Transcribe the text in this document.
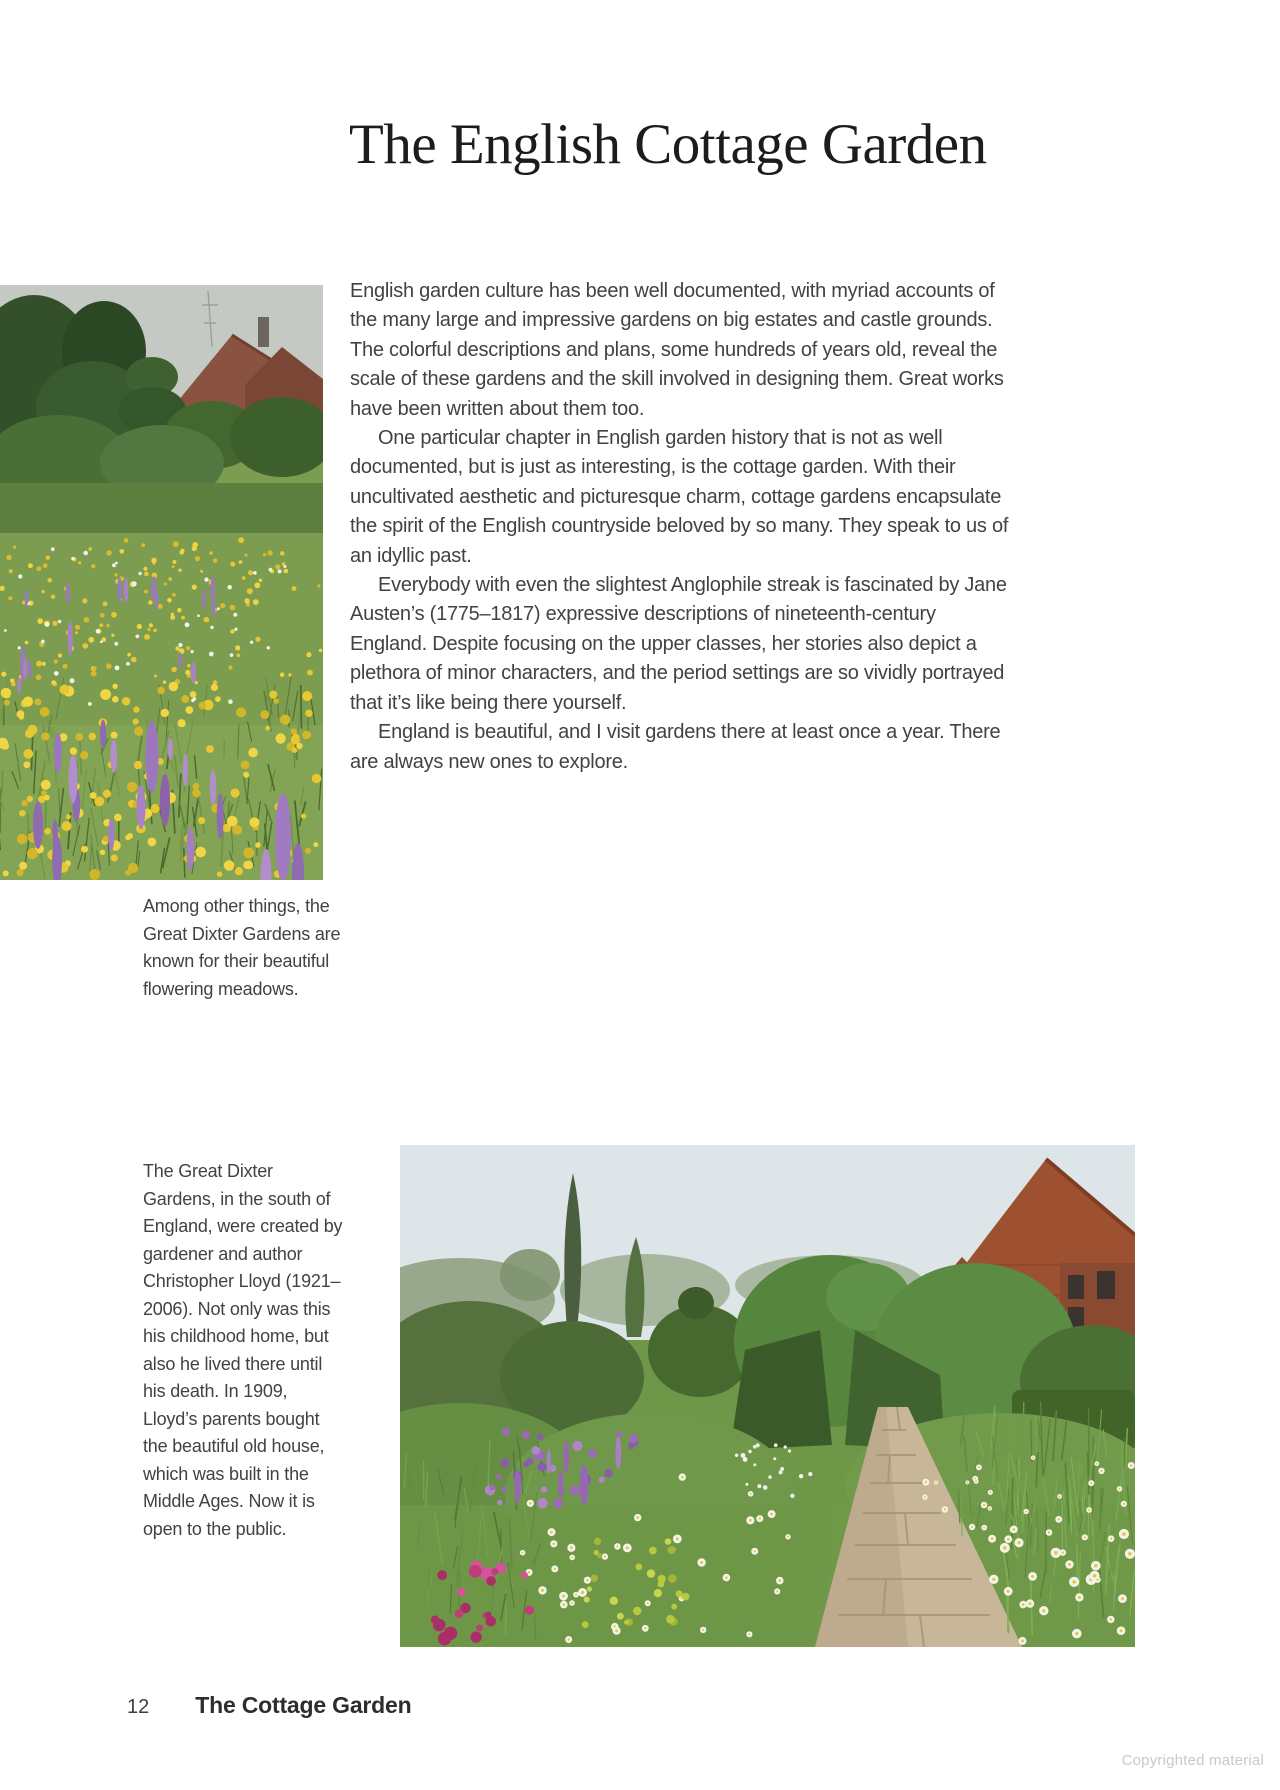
The English Cottage Garden

Among other things, the Great Dixter Gardens are known for their beautiful flowering meadows.

English garden culture has been well documented, with myriad accounts of the many large and impressive gardens on big estates and castle grounds. The colorful descriptions and plans, some hundreds of years old, reveal the scale of these gardens and the skill involved in designing them. Great works have been written about them too.

One particular chapter in English garden history that is not as well documented, but is just as interesting, is the cottage garden. With their uncultivated aesthetic and picturesque charm, cottage gardens encapsulate the spirit of the English countryside beloved by so many. They speak to us of an idyllic past.

Everybody with even the slightest Anglophile streak is fascinated by Jane Austen’s (1775–1817) expressive descriptions of nineteenth-century England. Despite focusing on the upper classes, her stories also depict a plethora of minor characters, and the period settings are so vividly portrayed that it’s like being there yourself.

England is beautiful, and I visit gardens there at least once a year. There are always new ones to explore.

The Great Dixter Gardens, in the south of England, were created by gardener and author Christopher Lloyd (1921–2006). Not only was this his childhood home, but also he lived there until his death. In 1909, Lloyd’s parents bought the beautiful old house, which was built in the Middle Ages. Now it is open to the public.

12 The Cottage Garden
Copyrighted material
